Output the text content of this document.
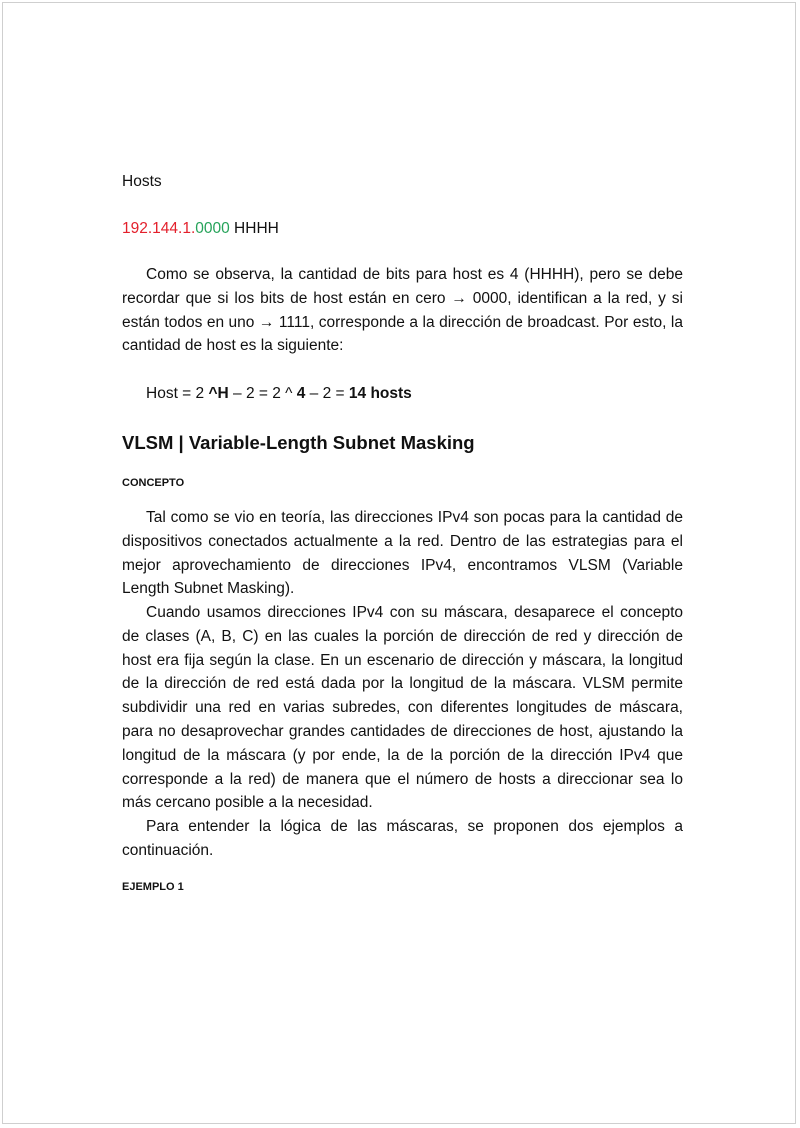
Hosts

192.144.1.0000 HHHH

Como se observa, la cantidad de bits para host es 4 (HHHH), pero se debe recordar que si los bits de host están en cero → 0000, identifican a la red, y si están todos en uno → 1111, corresponde a la dirección de broadcast. Por esto, la cantidad de host es la siguiente:

Host = 2 ^H – 2 = 2 ^ 4 – 2 = 14 hosts

VLSM | Variable-Length Subnet Masking

CONCEPTO

Tal como se vio en teoría, las direcciones IPv4 son pocas para la cantidad de dispositivos conectados actualmente a la red. Dentro de las estrategias para el mejor aprovechamiento de direcciones IPv4, encontramos VLSM (Variable Length Subnet Masking).

Cuando usamos direcciones IPv4 con su máscara, desaparece el concepto de clases (A, B, C) en las cuales la porción de dirección de red y dirección de host era fija según la clase. En un escenario de dirección y máscara, la longitud de la dirección de red está dada por la longitud de la máscara. VLSM permite subdividir una red en varias subredes, con diferentes longitudes de máscara, para no desaprovechar grandes cantidades de direcciones de host, ajustando la longitud de la máscara (y por ende, la de la porción de la dirección IPv4 que corresponde a la red) de manera que el número de hosts a direccionar sea lo más cercano posible a la necesidad.

Para entender la lógica de las máscaras, se proponen dos ejemplos a continuación.

EJEMPLO 1
